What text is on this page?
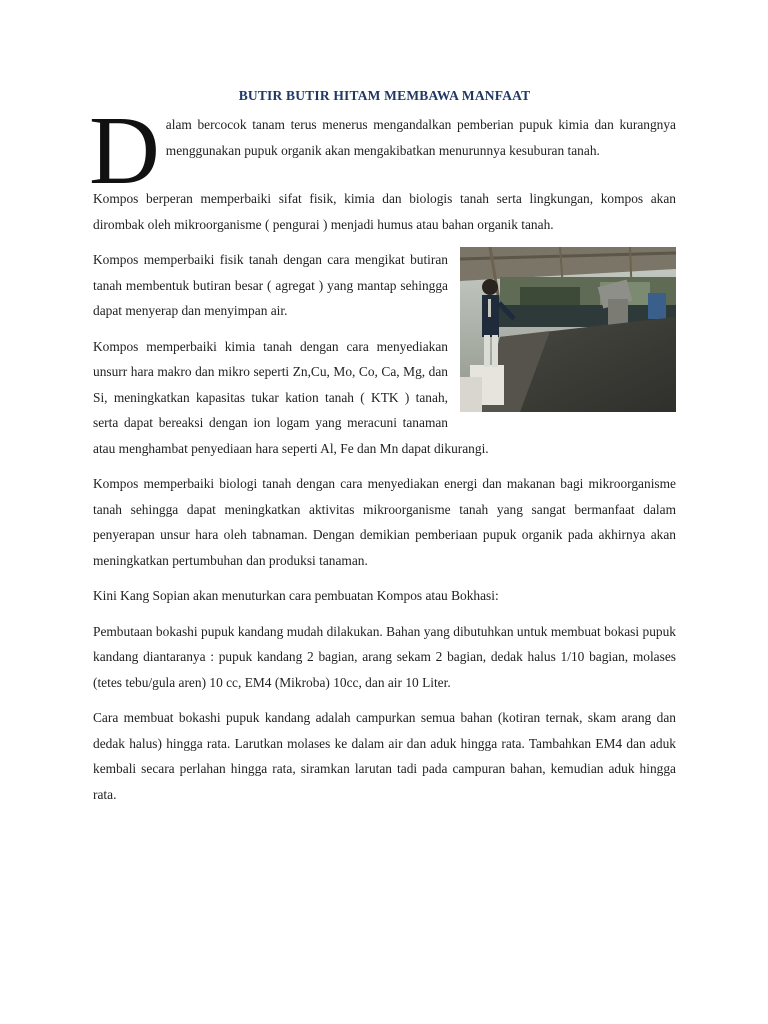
BUTIR BUTIR HITAM MEMBAWA MANFAAT

Dalam bercocok tanam terus menerus mengandalkan pemberian pupuk kimia dan kurangnya menggunakan pupuk organik akan mengakibatkan menurunnya kesuburan tanah.

Kompos berperan memperbaiki sifat fisik, kimia dan biologis tanah serta lingkungan, kompos akan dirombak oleh mikroorganisme ( pengurai ) menjadi humus atau bahan organik tanah.

Kompos memperbaiki fisik tanah dengan cara mengikat butiran tanah membentuk butiran besar ( agregat ) yang mantap sehingga dapat menyerap dan menyimpan air.

Kompos memperbaiki kimia tanah dengan cara menyediakan unsurr hara makro dan mikro seperti Zn,Cu, Mo, Co, Ca, Mg, dan Si, meningkatkan kapasitas tukar kation tanah ( KTK ) tanah, serta dapat bereaksi dengan ion logam yang meracuni tanaman atau menghambat penyediaan hara seperti Al, Fe dan Mn dapat dikurangi.

Kompos memperbaiki biologi tanah dengan cara menyediakan energi dan makanan bagi mikroorganisme tanah sehingga dapat meningkatkan aktivitas mikroorganisme tanah yang sangat bermanfaat dalam penyerapan unsur hara oleh tabnaman. Dengan demikian pemberiaan pupuk organik pada akhirnya akan meningkatkan pertumbuhan dan produksi tanaman.

Kini Kang Sopian akan menuturkan cara pembuatan Kompos atau Bokhasi:

Pembutaan bokashi pupuk kandang mudah dilakukan. Bahan yang dibutuhkan untuk membuat bokasi pupuk kandang diantaranya : pupuk kandang 2 bagian, arang sekam 2 bagian, dedak halus 1/10 bagian, molases (tetes tebu/gula aren) 10 cc, EM4 (Mikroba) 10cc, dan air 10 Liter.

Cara membuat bokashi pupuk kandang adalah campurkan semua bahan (kotiran ternak, skam arang dan dedak halus) hingga rata. Larutkan molases ke dalam air dan aduk hingga rata. Tambahkan EM4 dan aduk kembali secara perlahan hingga rata, siramkan larutan tadi pada campuran bahan, kemudian aduk hingga rata.
